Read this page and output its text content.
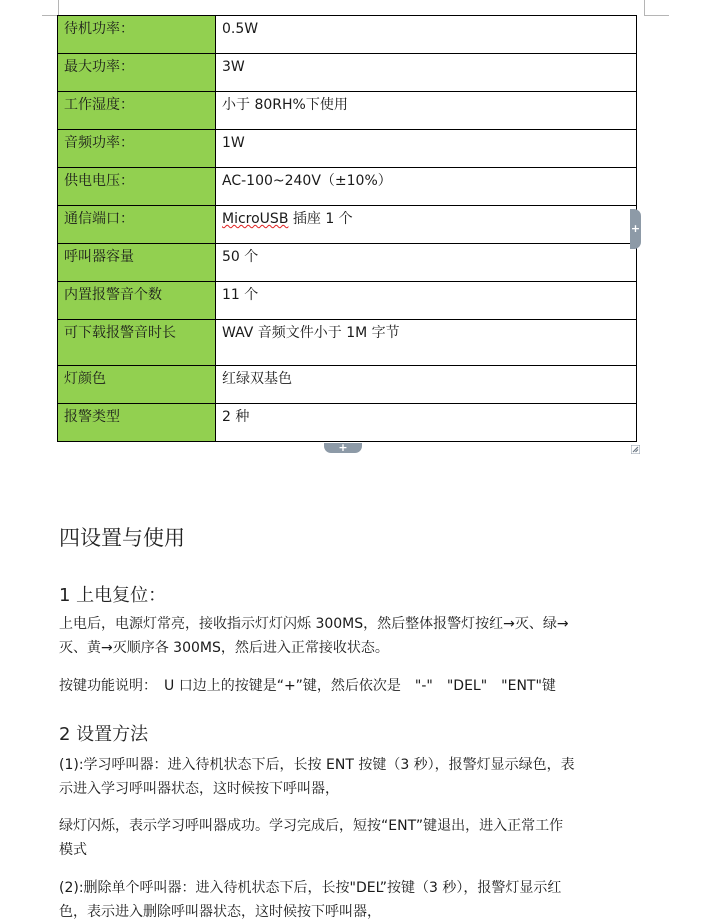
待机功率：	0.5W
最大功率：	3W
工作湿度：	小于 80RH%下使用
音频功率：	1W
供电电压：	AC-100~240V（±10%）
通信端口：	MicroUSB 插座 1 个
呼叫器容量	50 个
内置报警音个数	11 个
可下载报警音时长	WAV 音频文件小于 1M 字节
灯颜色	红绿双基色
报警类型	2 种
+
+
四设置与使用
1 上电复位：

上电后，电源灯常亮，接收指示灯灯闪烁 300MS，然后整体报警灯按红→灭、绿→

灭、黄→灭顺序各 300MS，然后进入正常接收状态。

按键功能说明：　U 口边上的按键是“+”键，然后依次是　"-"　"DEL"　"ENT"键

2 设置方法

(1):学习呼叫器：进入待机状态下后，长按 ENT 按键（3 秒），报警灯显示绿色，表

示进入学习呼叫器状态，这时候按下呼叫器，

绿灯闪烁，表示学习呼叫器成功。学习完成后，短按“ENT”键退出，进入正常工作

模式

(2):删除单个呼叫器：进入待机状态下后，长按"DEL”按键（3 秒），报警灯显示红

色，表示进入删除呼叫器状态，这时候按下呼叫器，
